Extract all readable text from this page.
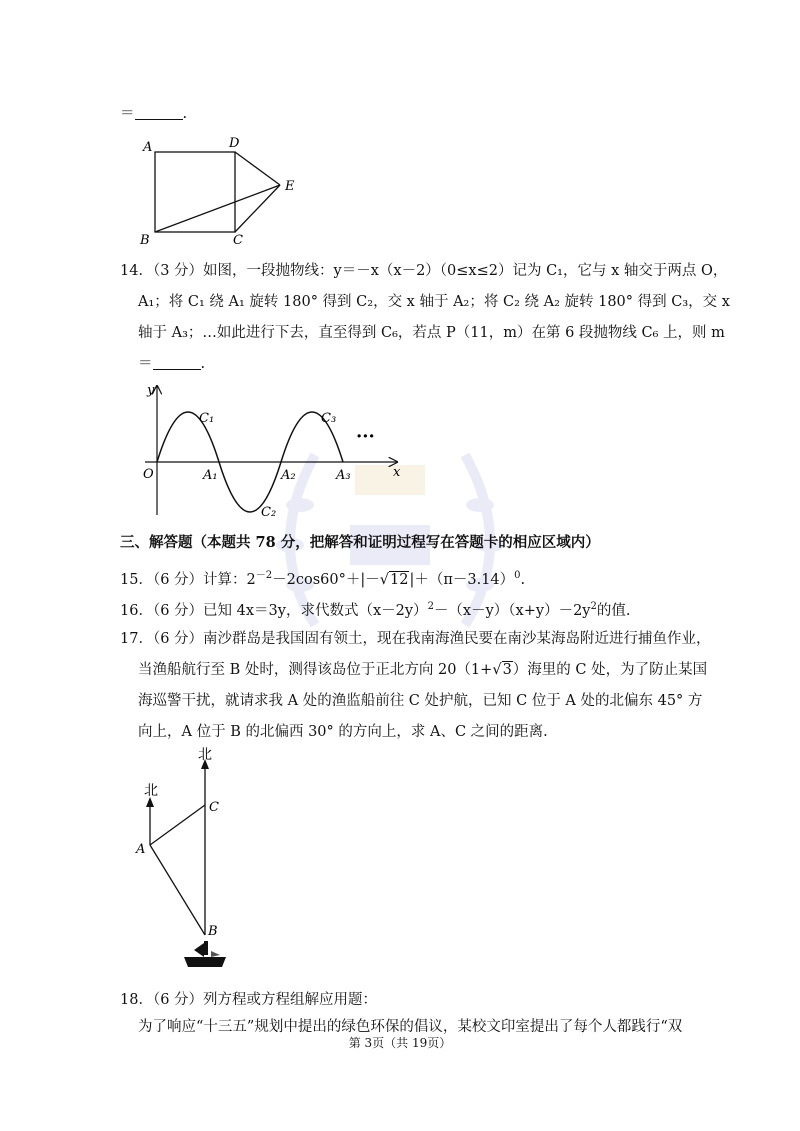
＝	.
A	D
E
B	C
14．（3 分）如图，一段抛物线：y＝－x（x－2）（0≤x≤2）记为 C₁，它与 x 轴交于两点 O，
A₁；将 C₁ 绕 A₁ 旋转 180° 得到 C₂，交 x 轴于 A₂；将 C₂ 绕 A₂ 旋转 180° 得到 C₃，交 x
轴于 A₃；…如此进行下去，直至得到 C₆，若点 P（11，m）在第 6 段抛物线 C₆ 上，则 m
＝	.
y
x
O	A₁	A₂	A₃
C₁
C₂
C₃
···
三、解答题（本题共 78 分，把解答和证明过程写在答题卡的相应区域内）
15．（6 分）计算：$2^{-2}-2\cos 60^\circ+|-√12|+(\pi-3.14)^0$.
16．（6 分）已知 4x＝3y，求代数式$(x-2y)^2-(x-y)(x+y)-2y^2$的值.
17．（6 分）南沙群岛是我国固有领土，现在我南海渔民要在南沙某海岛附近进行捕鱼作业，
当渔船航行至 B 处时，测得该岛位于正北方向 20（1+√3）海里的 C 处，为了防止某国
海巡警干扰，就请求我 A 处的渔监船前往 C 处护航，已知 C 位于 A 处的北偏东 45° 方
向上，A 位于 B 的北偏西 30° 的方向上，求 A、C 之间的距离.
北
北
A
C
B
18．（6 分）列方程或方程组解应用题：
为了响应“十三五”规划中提出的绿色环保的倡议，某校文印室提出了每个人都践行“双
第 3页（共 19页）
